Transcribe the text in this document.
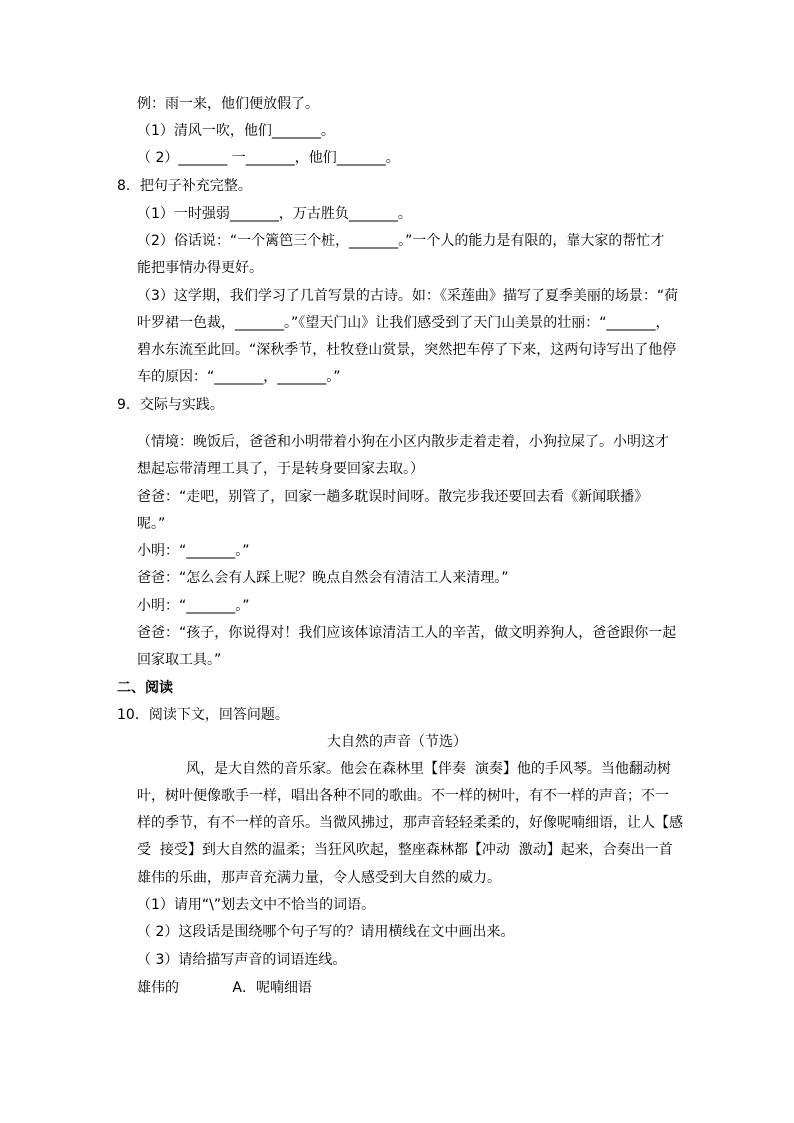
例：雨一来，他们便放假了。
（1）清风一吹，他们_______。
（ 2）_______ 一_______，他们_______。
8．把句子补充完整。
（1）一时强弱_______，万古胜负_______。
（2）俗话说：“一个篱笆三个桩，_______。”一个人的能力是有限的，靠大家的帮忙才
能把事情办得更好。
（3）这学期，我们学习了几首写景的古诗。如：《采莲曲》描写了夏季美丽的场景：“荷
叶罗裙一色裁，_______。”《望天门山》让我们感受到了天门山美景的壮丽：“_______，
碧水东流至此回。“深秋季节，杜牧登山赏景，突然把车停了下来，这两句诗写出了他停
车的原因：“_______，_______。”
9．交际与实践。
（情境：晚饭后，爸爸和小明带着小狗在小区内散步走着走着，小狗拉屎了。小明这才
想起忘带清理工具了，于是转身要回家去取。）
爸爸：“走吧，别管了，回家一趟多耽误时间呀。散完步我还要回去看《新闻联播》
呢。”
小明：“_______。”
爸爸：“怎么会有人踩上呢？晚点自然会有清洁工人来清理。”
小明：“_______。”
爸爸：“孩子，你说得对！我们应该体谅清洁工人的辛苦，做文明养狗人，爸爸跟你一起
回家取工具。”
二、阅读
10．阅读下文，回答问题。
大自然的声音（节选）
风，是大自然的音乐家。他会在森林里【伴奏  演奏】他的手风琴。当他翻动树
叶，树叶便像歌手一样，唱出各种不同的歌曲。不一样的树叶，有不一样的声音；不一
样的季节，有不一样的音乐。当微风拂过，那声音轻轻柔柔的，好像呢喃细语，让人【感
受  接受】到大自然的温柔；当狂风吹起，整座森林都【冲动  激动】起来，合奏出一首
雄伟的乐曲，那声音充满力量，令人感受到大自然的威力。
（1）请用“\”划去文中不恰当的词语。
（ 2）这段话是围绕哪个句子写的？请用横线在文中画出来。
（ 3）请给描写声音的词语连线。
雄伟的            A．呢喃细语
